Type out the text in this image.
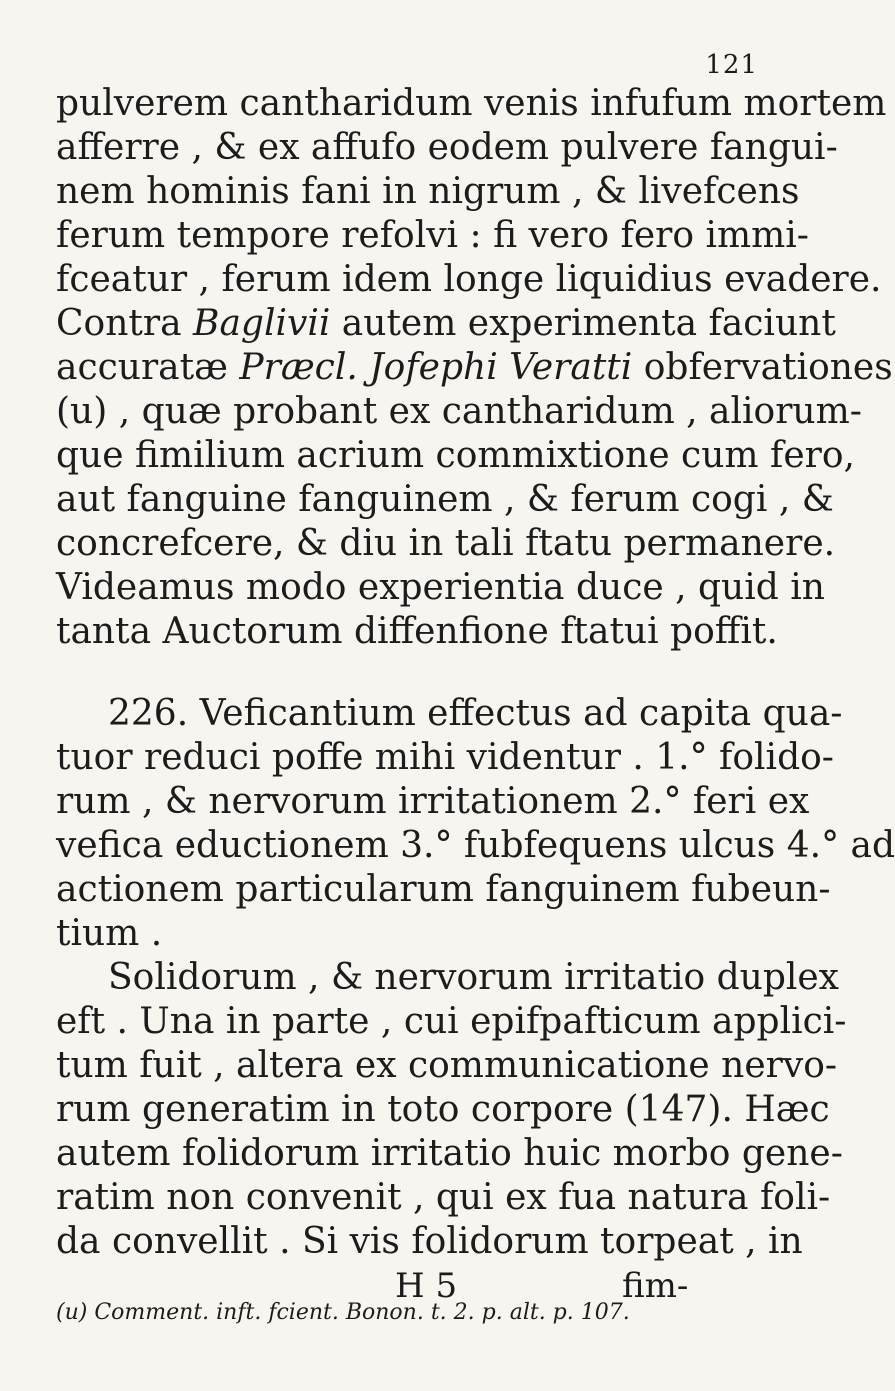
121
pulverem cantharidum venis infufum mortem
afferre , & ex affufo eodem pulvere fangui-
nem hominis fani in nigrum , & livefcens
ferum tempore refolvi : fi vero fero immi-
fceatur , ferum idem longe liquidius evadere.
Contra Baglivii autem experimenta faciunt
accuratæ Præcl. Jofephi Veratti obfervationes
(u) , quæ probant ex cantharidum , aliorum-
que fimilium acrium commixtione cum fero,
aut fanguine fanguinem , & ferum cogi , &
concrefcere, & diu in tali ftatu permanere.
Videamus modo experientia duce , quid in
tanta Auctorum diffenfione ftatui poffit.
226. Veficantium effectus ad capita qua-
tuor reduci poffe mihi videntur . 1.° folido-
rum , & nervorum irritationem 2.° feri ex
vefica eductionem 3.° fubfequens ulcus 4.° ad
actionem particularum fanguinem fubeun-
tium .
Solidorum , & nervorum irritatio duplex
eft . Una in parte , cui epifpafticum applici-
tum fuit , altera ex communicatione nervo-
rum generatim in toto corpore (147). Hæc
autem folidorum irritatio huic morbo gene-
H 5	fim-
(u) Comment. inft. fcient. Bonon. t. 2. p. alt. p. 107.
ratim non convenit , qui ex fua natura foli-
da convellit . Si vis folidorum torpeat , in
